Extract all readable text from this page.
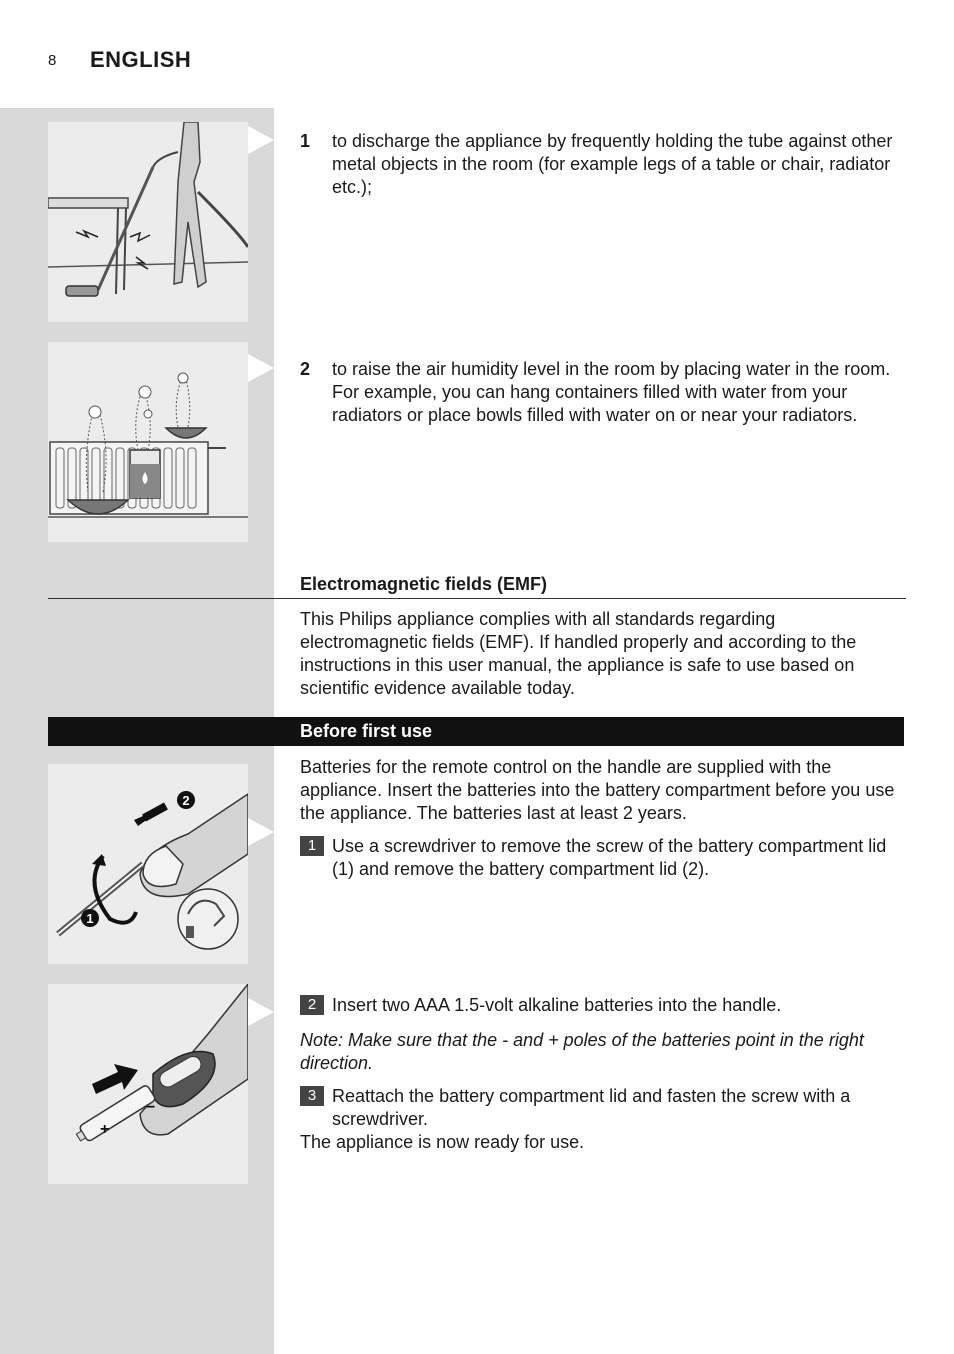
8 ENGLISH
1 to discharge the appliance by frequently holding the tube against other metal objects in the room (for example legs of a table or chair, radiator etc.);
2 to raise the air humidity level in the room by placing water in the room. For example, you can hang containers filled with water from your radiators or place bowls filled with water on or near your radiators.
Electromagnetic fields (EMF)
This Philips appliance complies with all standards regarding electromagnetic fields (EMF). If handled properly and according to the instructions in this user manual, the appliance is safe to use based on scientific evidence available today.
Before first use
2
1
Batteries for the remote control on the handle are supplied with the appliance. Insert the batteries into the battery compartment before you use the appliance. The batteries last at least 2 years.
1 Use a screwdriver to remove the screw of the battery compartment lid (1) and remove the battery compartment lid (2).
+
−
2 Insert two AAA 1.5-volt alkaline batteries into the handle.
Note: Make sure that the - and + poles of the batteries point in the right direction.
3 Reattach the battery compartment lid and fasten the screw with a screwdriver.
The appliance is now ready for use.
